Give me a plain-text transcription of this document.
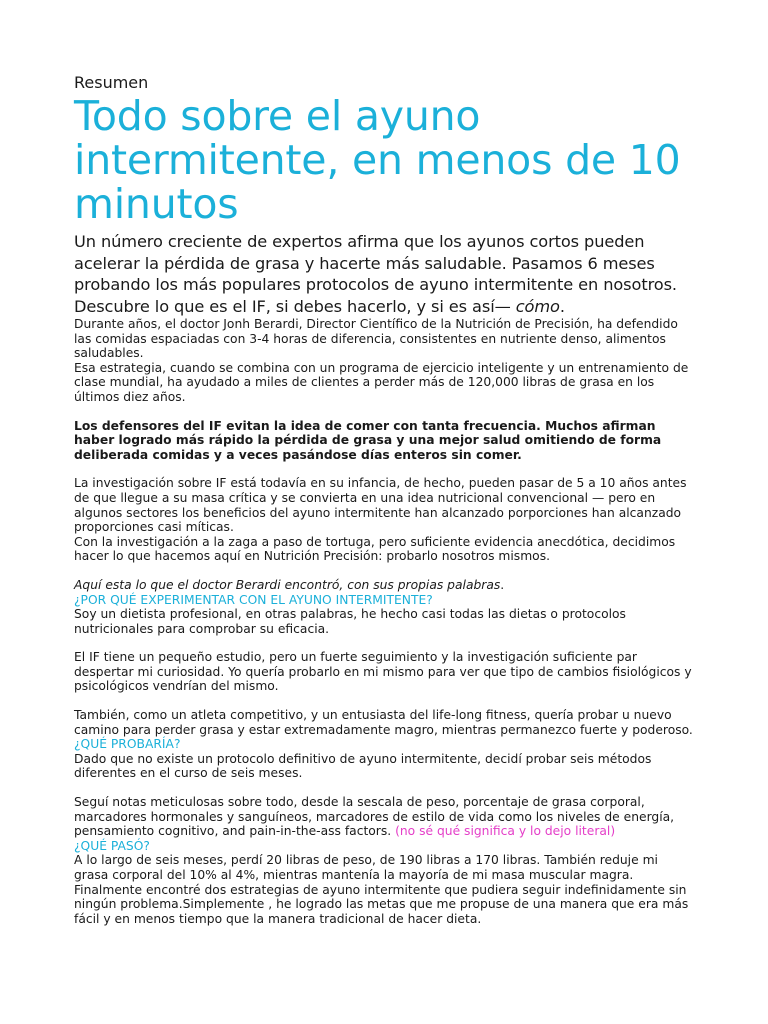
Resumen

Todo sobre el ayuno intermitente, en menos de 10 minutos
Un número creciente de expertos afirma que los ayunos cortos pueden acelerar la pérdida de grasa y hacerte más saludable. Pasamos 6 meses probando los más populares protocolos de ayuno intermitente en nosotros. Descubre lo que es el IF, si debes hacerlo, y si es así— cómo.

Durante años, el doctor Jonh Berardi, Director Científico de la Nutrición de Precisión, ha defendido las comidas espaciadas con 3-4 horas de diferencia, consistentes en nutriente denso, alimentos saludables.

Esa estrategia, cuando se combina con un programa de ejercicio inteligente y un entrenamiento de clase mundial, ha ayudado a miles de clientes a perder más de 120,000 libras de grasa en los últimos diez años.

Los defensores del IF evitan la idea de comer con tanta frecuencia. Muchos afirman haber logrado más rápido la pérdida de grasa y una mejor salud omitiendo de forma deliberada comidas y a veces pasándose días enteros sin comer.

La investigación sobre IF está todavía en su infancia, de hecho, pueden pasar de 5 a 10 años antes de que llegue a su masa crítica y se convierta en una idea nutricional convencional — pero en algunos sectores los beneficios del ayuno intermitente han alcanzado porporciones han alcanzado proporciones casi míticas.

Con la investigación a la zaga a paso de tortuga, pero suficiente evidencia anecdótica, decidimos hacer lo que hacemos aquí en Nutrición Precisión: probarlo nosotros mismos.

Aquí esta lo que el doctor Berardi encontró, con sus propias palabras.

¿POR QUÉ EXPERIMENTAR CON EL AYUNO INTERMITENTE?

Soy un dietista profesional, en otras palabras, he hecho casi todas las dietas o protocolos nutricionales para comprobar su eficacia.

El IF tiene un pequeño estudio, pero un fuerte seguimiento y la investigación suficiente par despertar mi curiosidad. Yo quería probarlo en mi mismo para ver que tipo de cambios fisiológicos y psicológicos vendrían del mismo.

También, como un atleta competitivo, y un entusiasta del life-long fitness, quería probar u nuevo camino para perder grasa y estar extremadamente magro, mientras permanezco fuerte y poderoso.

¿QUÉ PROBARÍA?

Dado que no existe un protocolo definitivo de ayuno intermitente, decidí probar seis métodos diferentes en el curso de seis meses.

Seguí notas meticulosas sobre todo, desde la sescala de peso, porcentaje de grasa corporal, marcadores hormonales y sanguíneos, marcadores de estilo de vida como los niveles de energía, pensamiento cognitivo, and pain-in-the-ass factors. (no sé qué significa y lo dejo literal)

¿QUÉ PASÓ?

A lo largo de seis meses, perdí 20 libras de peso, de 190 libras a 170 libras. También reduje mi grasa corporal del 10% al 4%, mientras mantenía la mayoría de mi masa muscular magra. Finalmente encontré dos estrategias de ayuno intermitente que pudiera seguir indefinidamente sin ningún problema.Simplemente , he logrado las metas que me propuse de una manera que era más fácil y en menos tiempo que la manera tradicional de hacer dieta.
